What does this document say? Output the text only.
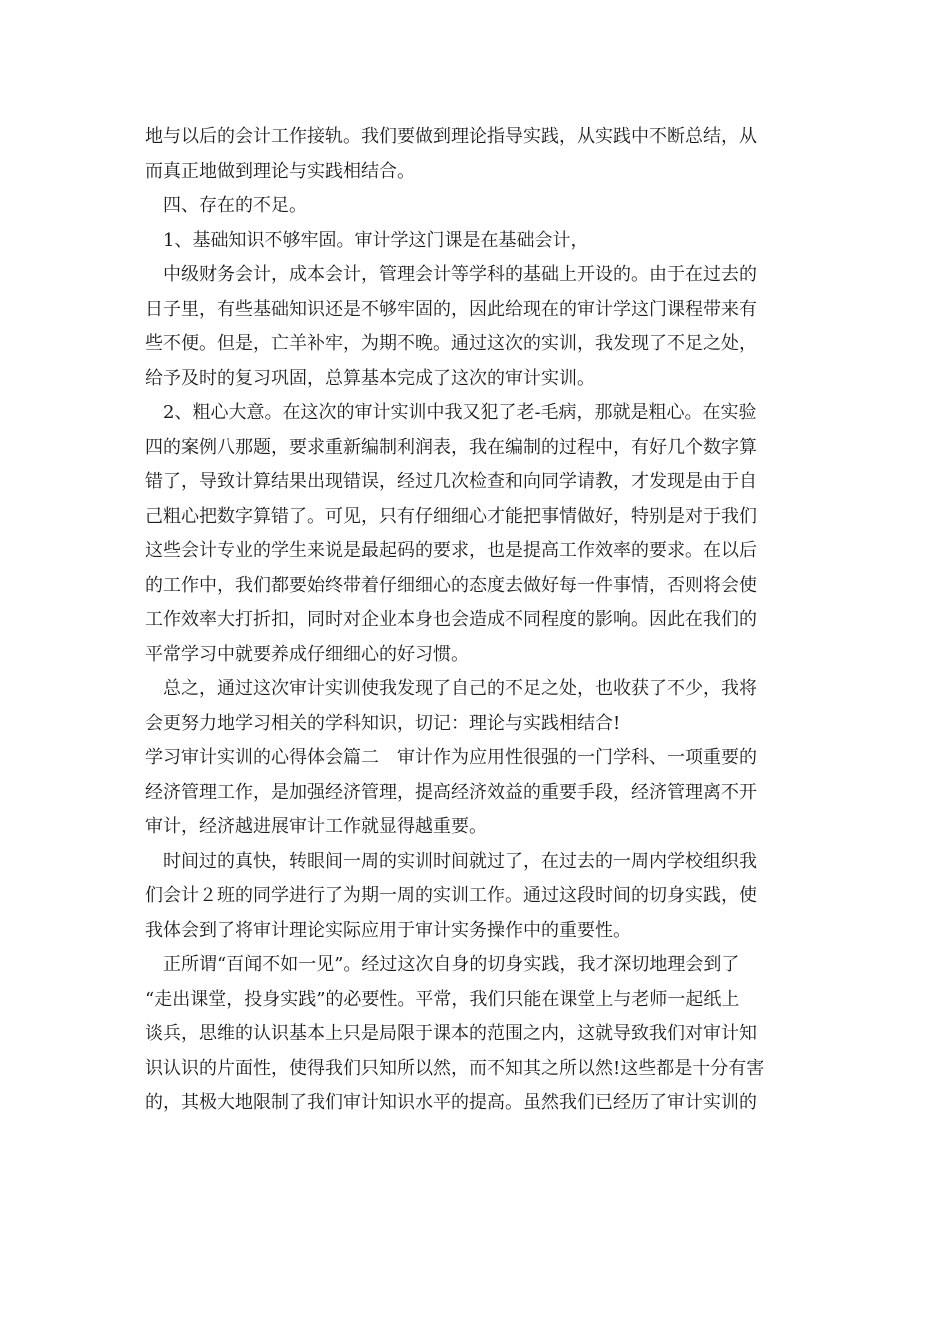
地与以后的会计工作接轨。我们要做到理论指导实践，从实践中不断总结，从
而真正地做到理论与实践相结合。
四、存在的不足。
1、基础知识不够牢固。审计学这门课是在基础会计，
中级财务会计，成本会计，管理会计等学科的基础上开设的。由于在过去的
日子里，有些基础知识还是不够牢固的，因此给现在的审计学这门课程带来有
些不便。但是，亡羊补牢，为期不晚。通过这次的实训，我发现了不足之处，
给予及时的复习巩固，总算基本完成了这次的审计实训。
2、粗心大意。在这次的审计实训中我又犯了老-毛病，那就是粗心。在实验
四的案例八那题，要求重新编制利润表，我在编制的过程中，有好几个数字算
错了，导致计算结果出现错误，经过几次检查和向同学请教，才发现是由于自
己粗心把数字算错了。可见，只有仔细细心才能把事情做好，特别是对于我们
这些会计专业的学生来说是最起码的要求，也是提高工作效率的要求。在以后
的工作中，我们都要始终带着仔细细心的态度去做好每一件事情，否则将会使
工作效率大打折扣，同时对企业本身也会造成不同程度的影响。因此在我们的
平常学习中就要养成仔细细心的好习惯。
总之，通过这次审计实训使我发现了自己的不足之处，也收获了不少，我将
会更努力地学习相关的学科知识，切记：理论与实践相结合!
学习审计实训的心得体会篇二　审计作为应用性很强的一门学科、一项重要的
经济管理工作，是加强经济管理，提高经济效益的重要手段，经济管理离不开
审计，经济越进展审计工作就显得越重要。
时间过的真快，转眼间一周的实训时间就过了，在过去的一周内学校组织我
们会计２班的同学进行了为期一周的实训工作。通过这段时间的切身实践，使
我体会到了将审计理论实际应用于审计实务操作中的重要性。
正所谓“百闻不如一见”。经过这次自身的切身实践，我才深切地理会到了
“走出课堂，投身实践”的必要性。平常，我们只能在课堂上与老师一起纸上
谈兵，思维的认识基本上只是局限于课本的范围之内，这就导致我们对审计知
识认识的片面性，使得我们只知所以然，而不知其之所以然!这些都是十分有害
的，其极大地限制了我们审计知识水平的提高。虽然我们已经历了审计实训的
